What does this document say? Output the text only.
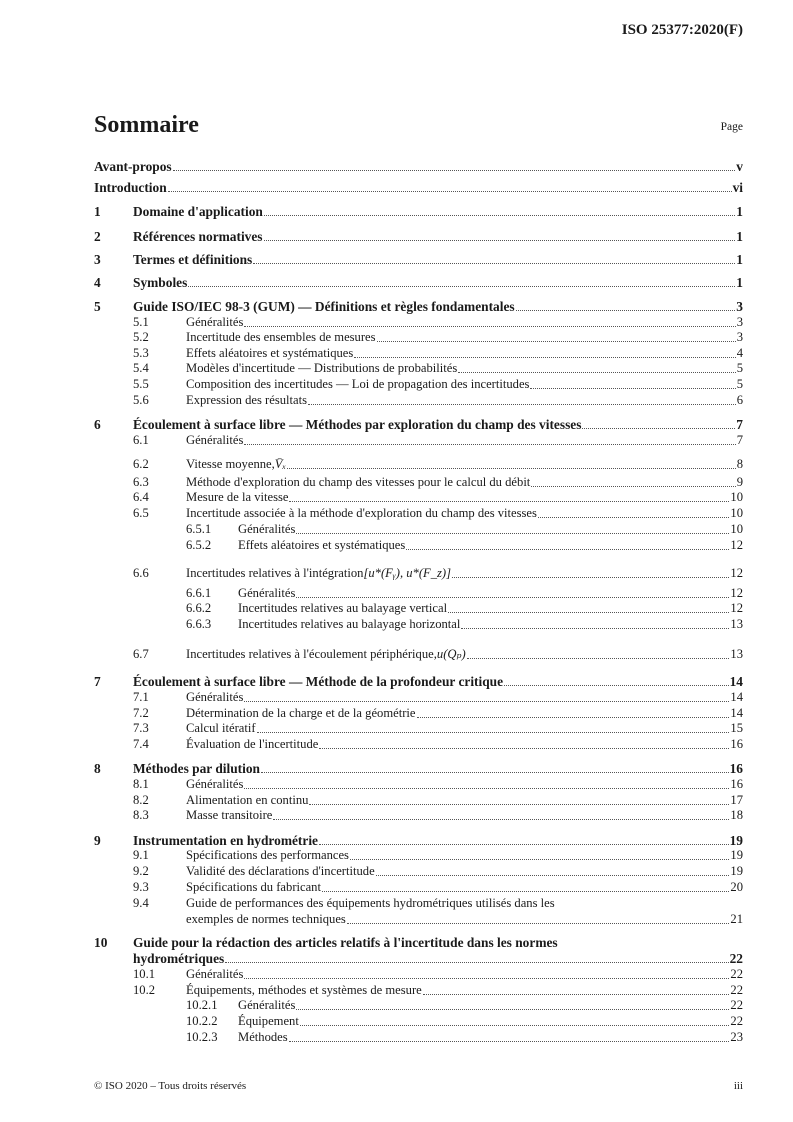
ISO 25377:2020(F)
Sommaire	Page
Avant-propos	v
Introduction	vi
1 Domaine d'application	1
2 Références normatives	1
3 Termes et définitions	1
4 Symboles	1
5 Guide ISO/IEC 98-3 (GUM) — Définitions et règles fondamentales	3
5.1	Généralités	3
5.2	Incertitude des ensembles de mesures	3
5.3	Effets aléatoires et systématiques	4
5.4	Modèles d'incertitude — Distributions de probabilités	5
5.5	Composition des incertitudes — Loi de propagation des incertitudes	5
5.6	Expression des résultats	6
6 Écoulement à surface libre — Méthodes par exploration du champ des vitesses	7
6.1	Généralités	7
6.2	Vitesse moyenne, V̄ₓ	8
6.3	Méthode d'exploration du champ des vitesses pour le calcul du débit	9
6.4	Mesure de la vitesse	10
6.5	Incertitude associée à la méthode d'exploration du champ des vitesses	10
6.5.1 Généralités	10
6.5.2 Effets aléatoires et systématiques	12
6.6	Incertitudes relatives à l'intégration [u*(Fᵧ), u*(F_z)]	12
6.6.1 Généralités	12
6.6.2 Incertitudes relatives au balayage vertical	12
6.6.3 Incertitudes relatives au balayage horizontal	13
6.7	Incertitudes relatives à l'écoulement périphérique, u(Qₚ)	13
7 Écoulement à surface libre — Méthode de la profondeur critique	14
7.1	Généralités	14
7.2	Détermination de la charge et de la géométrie	14
7.3	Calcul itératif	15
7.4	Évaluation de l'incertitude	16
8 Méthodes par dilution	16
8.1	Généralités	16
8.2	Alimentation en continu	17
8.3	Masse transitoire	18
9 Instrumentation en hydrométrie	19
9.1	Spécifications des performances	19
9.2	Validité des déclarations d'incertitude	19
9.3	Spécifications du fabricant	20
9.4	Guide de performances des équipements hydrométriques utilisés dans les
exemples de normes techniques	21
10 Guide pour la rédaction des articles relatifs à l'incertitude dans les normes
hydrométriques	22
10.1 Généralités	22
10.2 Équipements, méthodes et systèmes de mesure	22
10.2.1 Généralités	22
10.2.2 Équipement	22
10.2.3 Méthodes	23
© ISO 2020 – Tous droits réservés	iii
